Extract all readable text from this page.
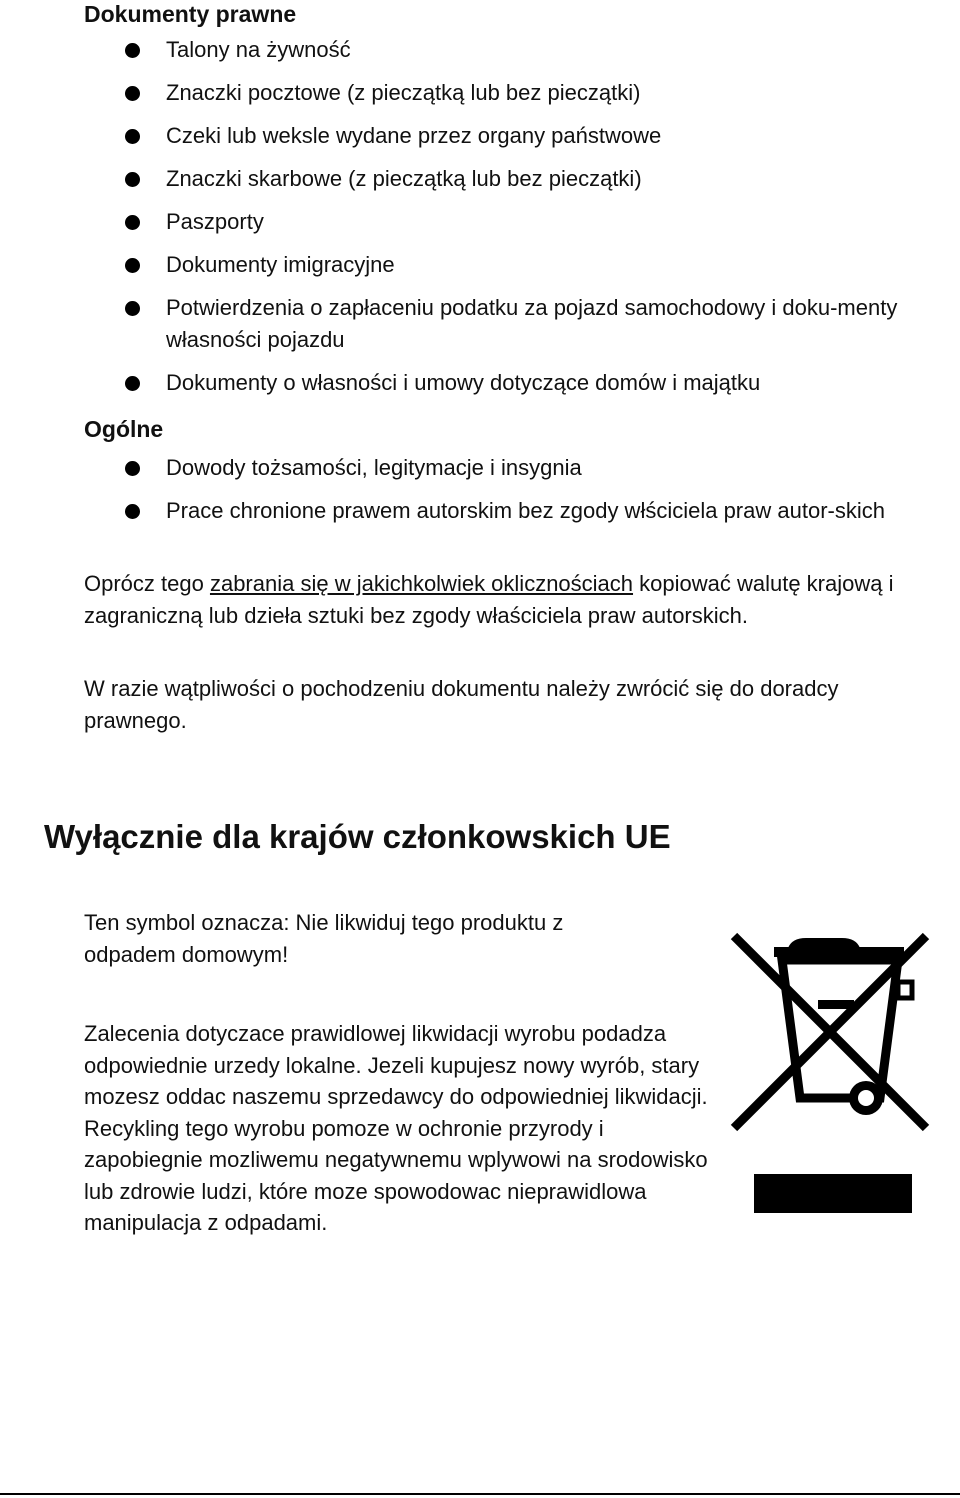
Dokumenty prawne
Talony na żywność
Znaczki pocztowe (z pieczątką lub bez pieczątki)
Czeki lub weksle wydane przez organy państwowe
Znaczki skarbowe (z pieczątką lub bez pieczątki)
Paszporty
Dokumenty imigracyjne
Potwierdzenia o zapłaceniu podatku za pojazd samochodowy i doku-menty własności pojazdu
Dokumenty o własności i umowy dotyczące domów i majątku
Ogólne
Dowody tożsamości, legitymacje i insygnia
Prace chronione prawem autorskim bez zgody włściciela praw autor-skich
Oprócz tego zabrania się w jakichkolwiek oklicznościach kopiować walutę krajową i zagraniczną lub dzieła sztuki bez zgody właściciela praw autorskich.
W razie wątpliwości o pochodzeniu dokumentu należy zwrócić się do doradcy prawnego.
Wyłącznie dla krajów członkowskich UE
Ten symbol oznacza: Nie likwiduj tego produktu z odpadem domowym!
Zalecenia dotyczace prawidlowej likwidacji wyrobu podadza odpowiednie urzedy lokalne. Jezeli kupujesz nowy wyrób, stary mozesz oddac naszemu sprzedawcy do odpowiedniej likwidacji. Recykling tego wyrobu pomoze w ochronie przyrody i zapobiegnie mozliwemu negatywnemu wplywowi na srodowisko lub zdrowie ludzi, które moze spowodowac nieprawidlowa manipulacja z odpadami.
